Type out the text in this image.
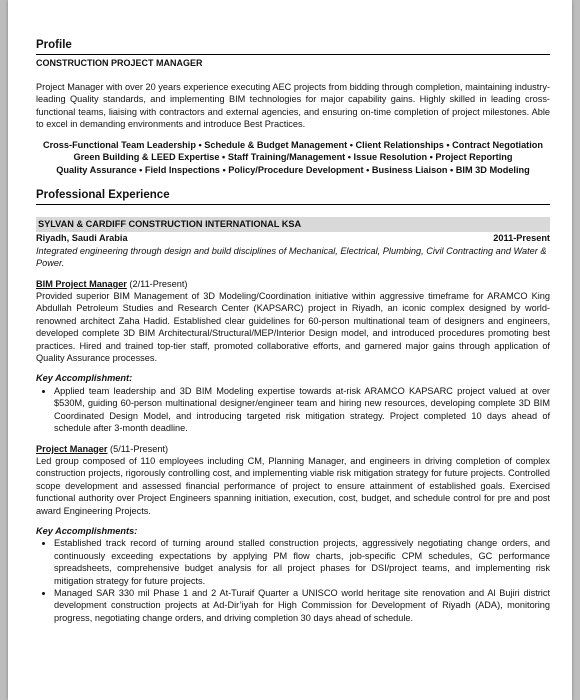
Profile
CONSTRUCTION PROJECT MANAGER

Project Manager with over 20 years experience executing AEC projects from bidding through completion, maintaining industry-leading Quality standards, and implementing BIM technologies for major capability gains. Highly skilled in leading cross-functional teams, liaising with contractors and external agencies, and ensuring on-time completion of project milestones. Able to excel in demanding environments and introduce Best Practices.

Cross-Functional Team Leadership • Schedule & Budget Management • Client Relationships • Contract Negotiation
Green Building & LEED Expertise • Staff Training/Management • Issue Resolution • Project Reporting
Quality Assurance • Field Inspections • Policy/Procedure Development • Business Liaison • BIM 3D Modeling
Professional Experience
SYLVAN & CARDIFF CONSTRUCTION INTERNATIONAL KSA
Riyadh, Saudi Arabia	2011-Present

Integrated engineering through design and build disciplines of Mechanical, Electrical, Plumbing, Civil Contracting and Water & Power.

BIM Project Manager (2/11-Present)

Provided superior BIM Management of 3D Modeling/Coordination initiative within aggressive timeframe for ARAMCO King Abdullah Petroleum Studies and Research Center (KAPSARC) project in Riyadh, an iconic complex designed by world-renowned architect Zaha Hadid. Established clear guidelines for 60-person multinational team of designers and engineers, developed complete 3D BIM Architectural/Structural/MEP/Interior Design model, and introduced procedures promoting best practices. Hired and trained top-tier staff, promoted collaborative efforts, and garnered major gains through application of Quality Assurance processes.

Key Accomplishment:
• Applied team leadership and 3D BIM Modeling expertise towards at-risk ARAMCO KAPSARC project valued at over $530M, guiding 60-person multinational designer/engineer team and hiring new resources, developing complete 3D BIM Coordinated Design Model, and introducing targeted risk mitigation strategy. Project completed 10 days ahead of schedule after 3-month deadline.
Project Manager (5/11-Present)

Led group composed of 110 employees including CM, Planning Manager, and engineers in driving completion of complex construction projects, rigorously controlling cost, and implementing viable risk mitigation strategy for future projects. Controlled scope development and assessed financial performance of project to ensure attainment of established goals. Exercised functional authority over Project Engineers spanning initiation, execution, cost, budget, and schedule control for pre and post award Engineering Projects.

Key Accomplishments:
• Established track record of turning around stalled construction projects, aggressively negotiating change orders, and continuously exceeding expectations by applying PM flow charts, job-specific CPM schedules, GC performance spreadsheets, comprehensive budget analysis for all project phases for DSI/project teams, and implementing risk mitigation strategy for future projects.
• Managed SAR 330 mil Phase 1 and 2 At-Turaif Quarter a UNISCO world heritage site renovation and Al Bujiri district development construction projects at Ad-Dir’iyah for High Commission for Development of Riyadh (ADA), monitoring progress, negotiating change orders, and driving completion 30 days ahead of schedule.
